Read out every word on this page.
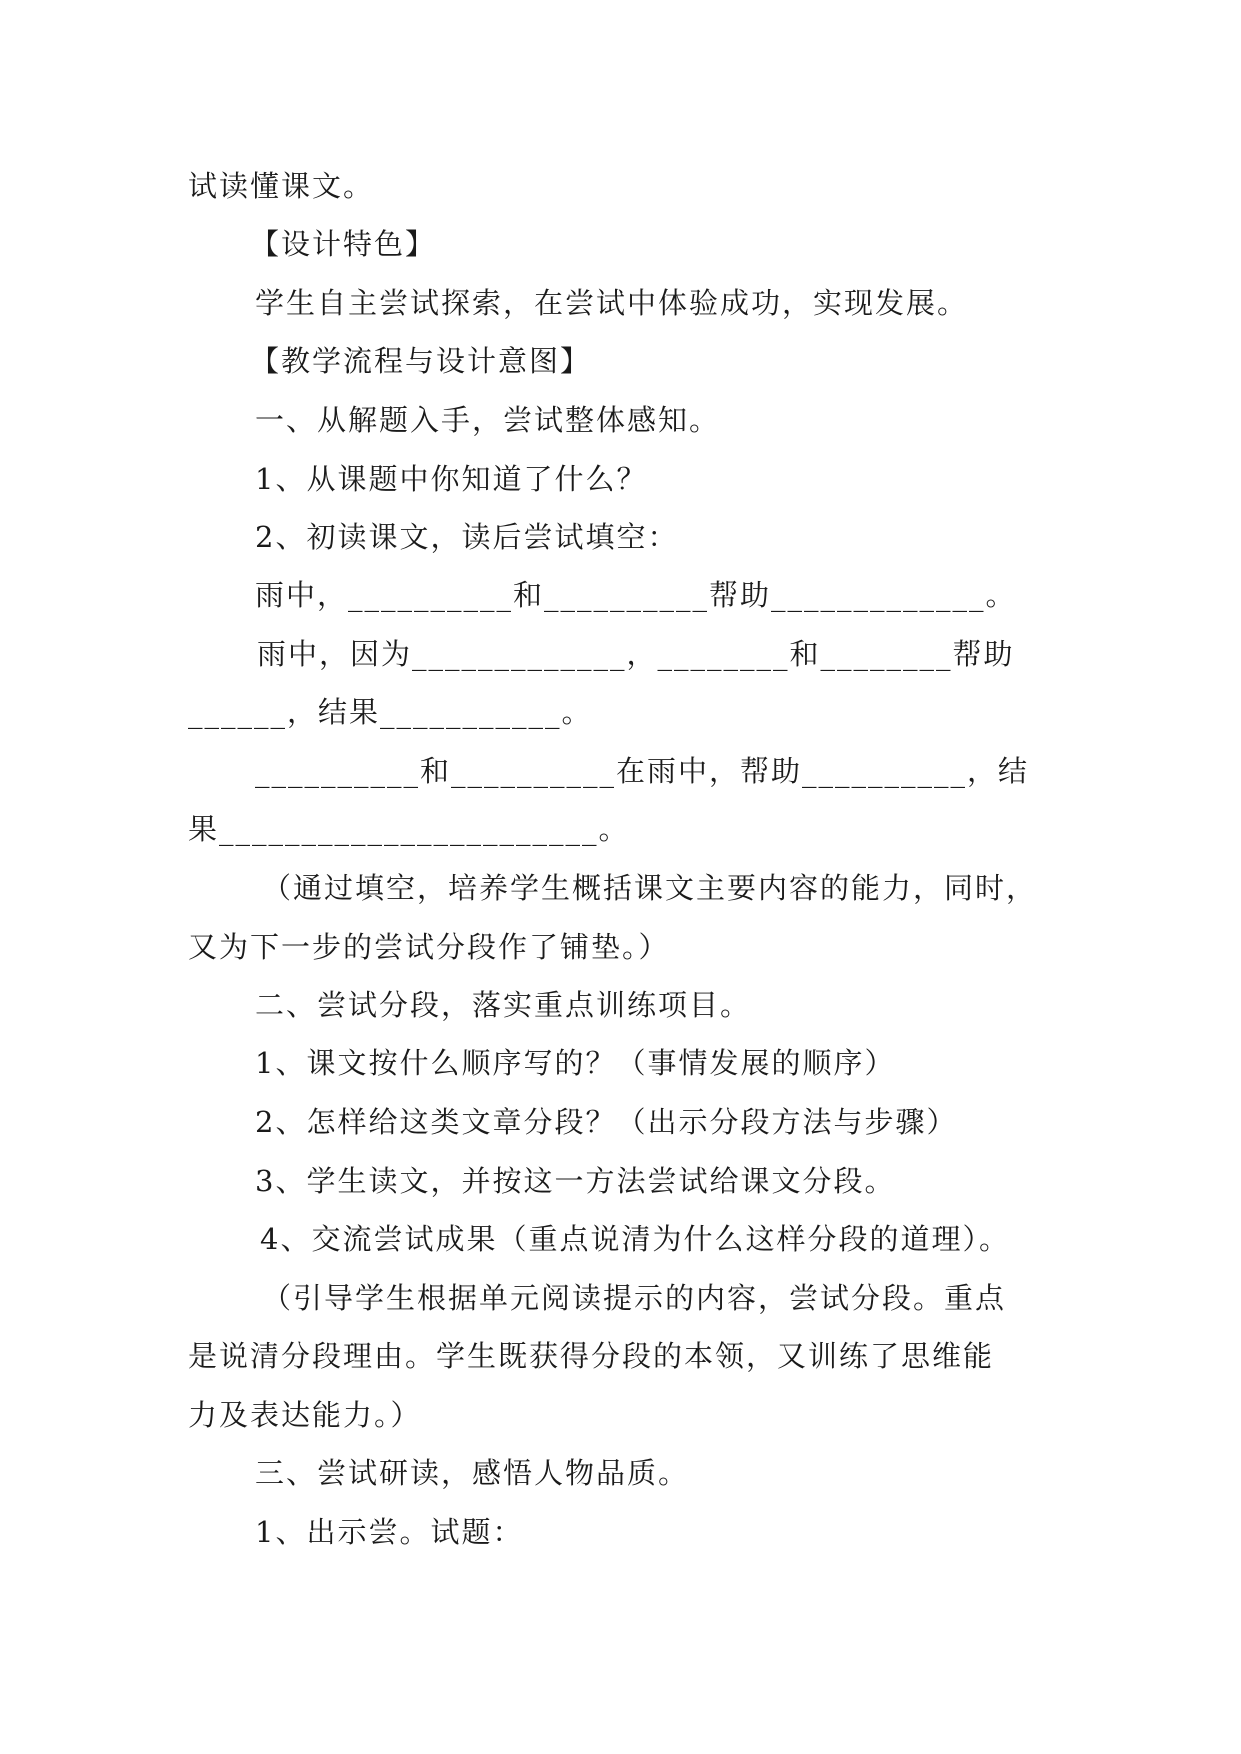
试读懂课文。
【设计特色】
学生自主尝试探索，在尝试中体验成功，实现发展。
【教学流程与设计意图】
一、从解题入手，尝试整体感知。
1、从课题中你知道了什么？
2、初读课文，读后尝试填空：
雨中，__________和__________帮助_____________。
雨中，因为_____________，________和________帮助
______，结果___________。
__________和__________在雨中，帮助__________，结
果_______________________。
（通过填空，培养学生概括课文主要内容的能力，同时，
又为下一步的尝试分段作了铺垫。）
二、尝试分段，落实重点训练项目。
1、课文按什么顺序写的？（事情发展的顺序）
2、怎样给这类文章分段？（出示分段方法与步骤）
3、学生读文，并按这一方法尝试给课文分段。
4、交流尝试成果（重点说清为什么这样分段的道理）。
（引导学生根据单元阅读提示的内容，尝试分段。重点
是说清分段理由。学生既获得分段的本领，又训练了思维能
力及表达能力。）
三、尝试研读，感悟人物品质。
1、出示尝。试题：
